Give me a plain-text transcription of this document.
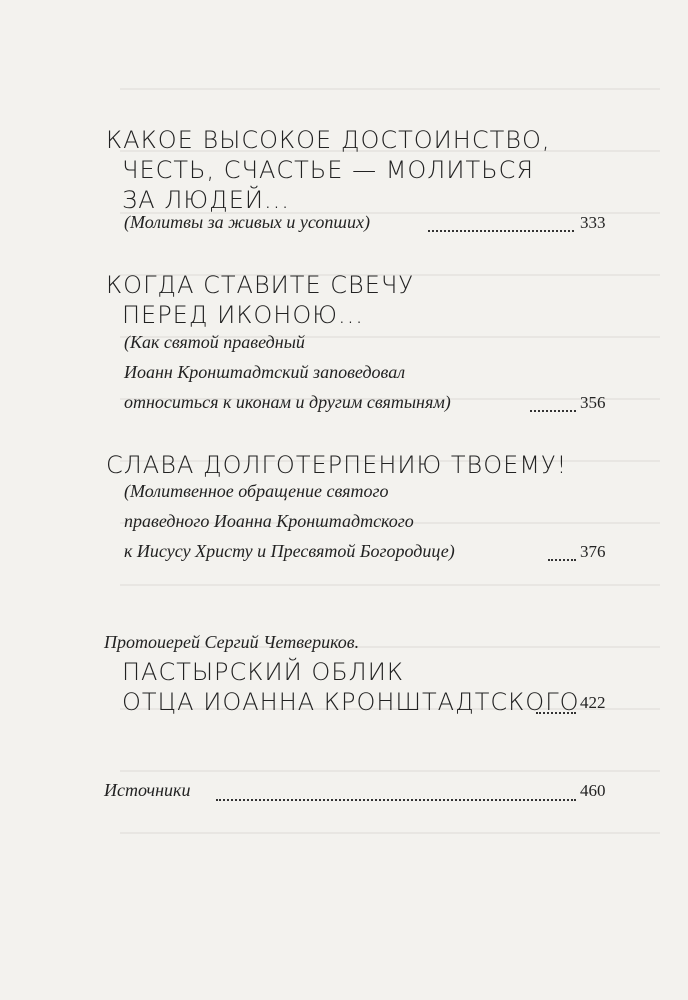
КАКОЕ ВЫСОКОЕ ДОСТОИНСТВО,
ЧЕСТЬ, СЧАСТЬЕ — МОЛИТЬСЯ
ЗА ЛЮДЕЙ...
(Молитвы за живых и усопших)	333
КОГДА СТАВИТЕ СВЕЧУ
ПЕРЕД ИКОНОЮ...
(Как святой праведный
Иоанн Кронштадтский заповедовал
относиться к иконам и другим святыням)	356
СЛАВА ДОЛГОТЕРПЕНИЮ ТВОЕМУ!
(Молитвенное обращение святого
праведного Иоанна Кронштадтского
к Иисусу Христу и Пресвятой Богородице)	376
Протоиерей Сергий Четвериков.
ПАСТЫРСКИЙ ОБЛИК
ОТЦА ИОАННА КРОНШТАДТСКОГО 422
Источники	460
